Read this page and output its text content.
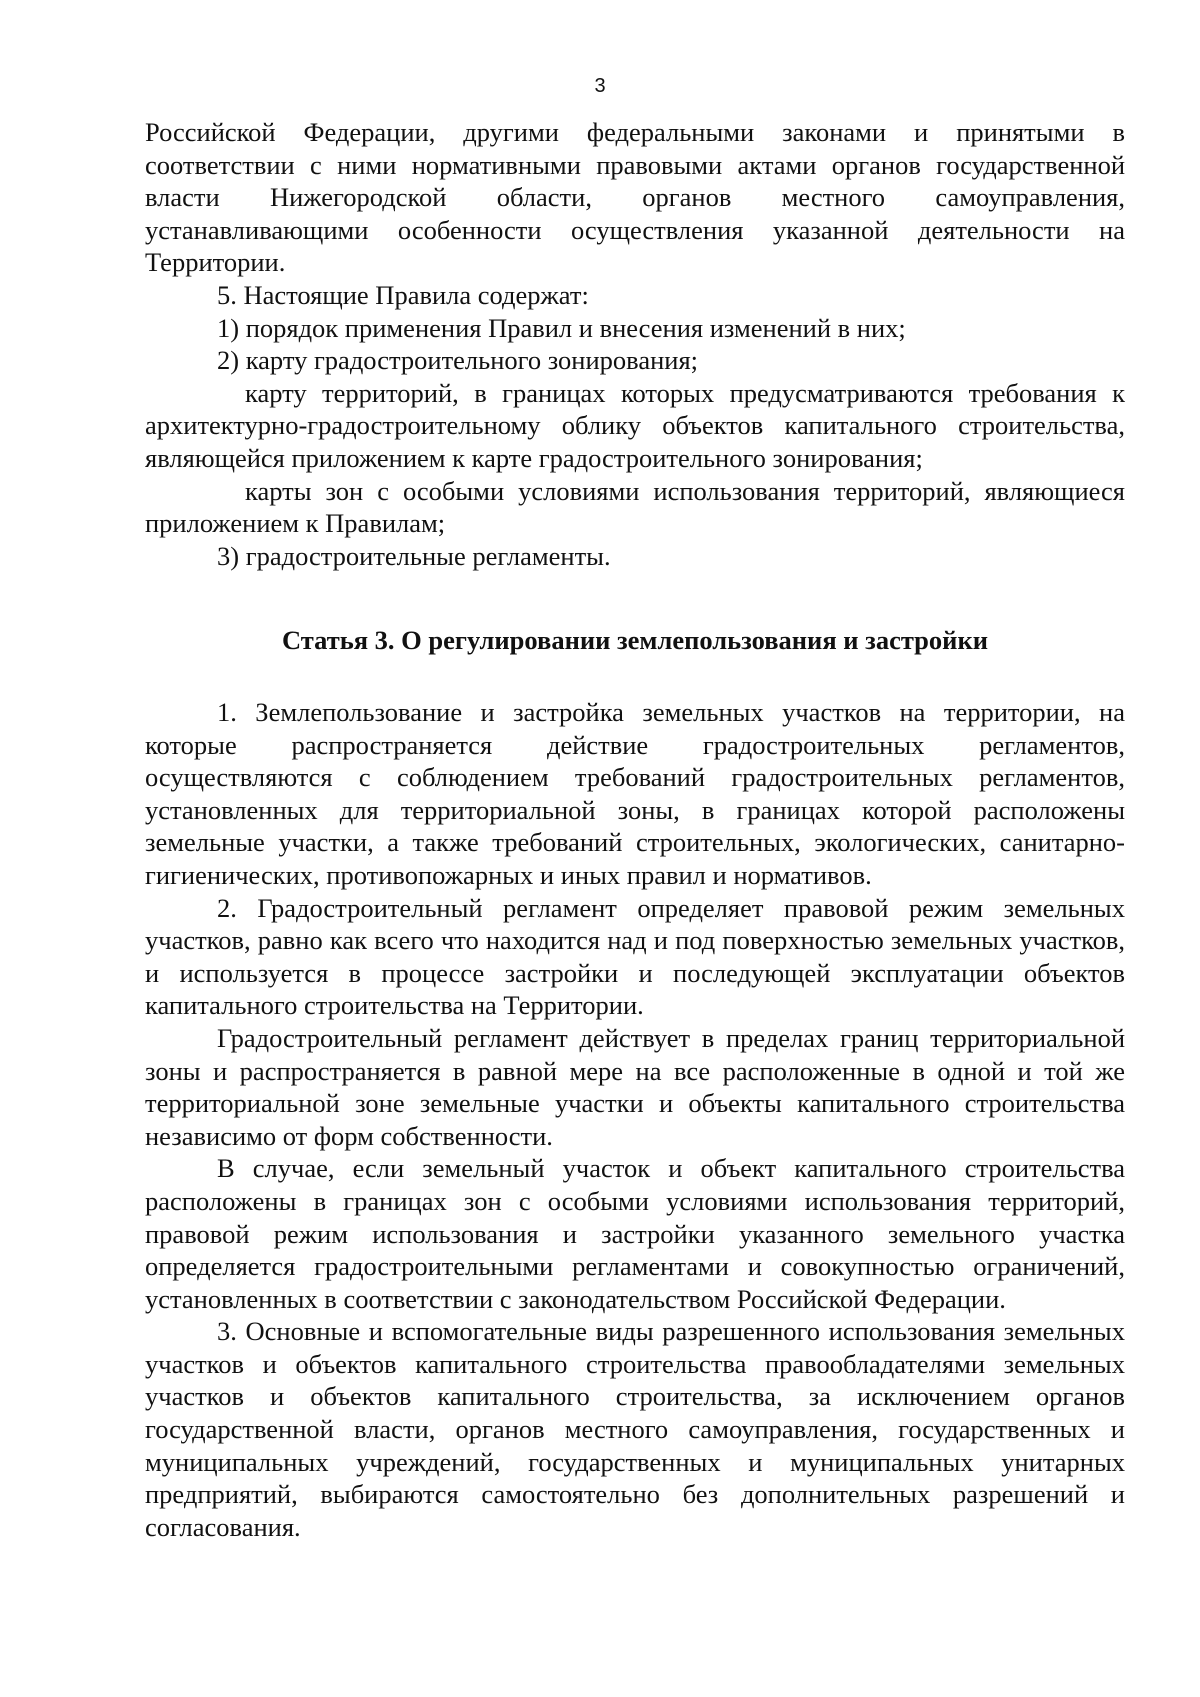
3

Российской Федерации, другими федеральными законами и принятыми в соответствии с ними нормативными правовыми актами органов государственной власти Нижегородской области, органов местного самоуправления, устанавливающими особенности осуществления указанной деятельности на Территории.

5. Настоящие Правила содержат:

1) порядок применения Правил и внесения изменений в них;

2) карту градостроительного зонирования;

карту территорий, в границах которых предусматриваются требования к архитектурно-градостроительному облику объектов капитального строительства, являющейся приложением к карте градостроительного зонирования;

карты зон с особыми условиями использования территорий, являющиеся приложением к Правилам;

3) градостроительные регламенты.

Статья 3. О регулировании землепользования и застройки

1. Землепользование и застройка земельных участков на территории, на которые распространяется действие градостроительных регламентов, осуществляются с соблюдением требований градостроительных регламентов, установленных для территориальной зоны, в границах которой расположены земельные участки, а также требований строительных, экологических, санитарно-гигиенических, противопожарных и иных правил и нормативов.

2. Градостроительный регламент определяет правовой режим земельных участков, равно как всего что находится над и под поверхностью земельных участков, и используется в процессе застройки и последующей эксплуатации объектов капитального строительства на Территории.

Градостроительный регламент действует в пределах границ территориальной зоны и распространяется в равной мере на все расположенные в одной и той же территориальной зоне земельные участки и объекты капитального строительства независимо от форм собственности.

В случае, если земельный участок и объект капитального строительства расположены в границах зон с особыми условиями использования территорий, правовой режим использования и застройки указанного земельного участка определяется градостроительными регламентами и совокупностью ограничений, установленных в соответствии с законодательством Российской Федерации.

3. Основные и вспомогательные виды разрешенного использования земельных участков и объектов капитального строительства правообладателями земельных участков и объектов капитального строительства, за исключением органов государственной власти, органов местного самоуправления, государственных и муниципальных учреждений, государственных и муниципальных унитарных предприятий, выбираются самостоятельно без дополнительных разрешений и согласования.
